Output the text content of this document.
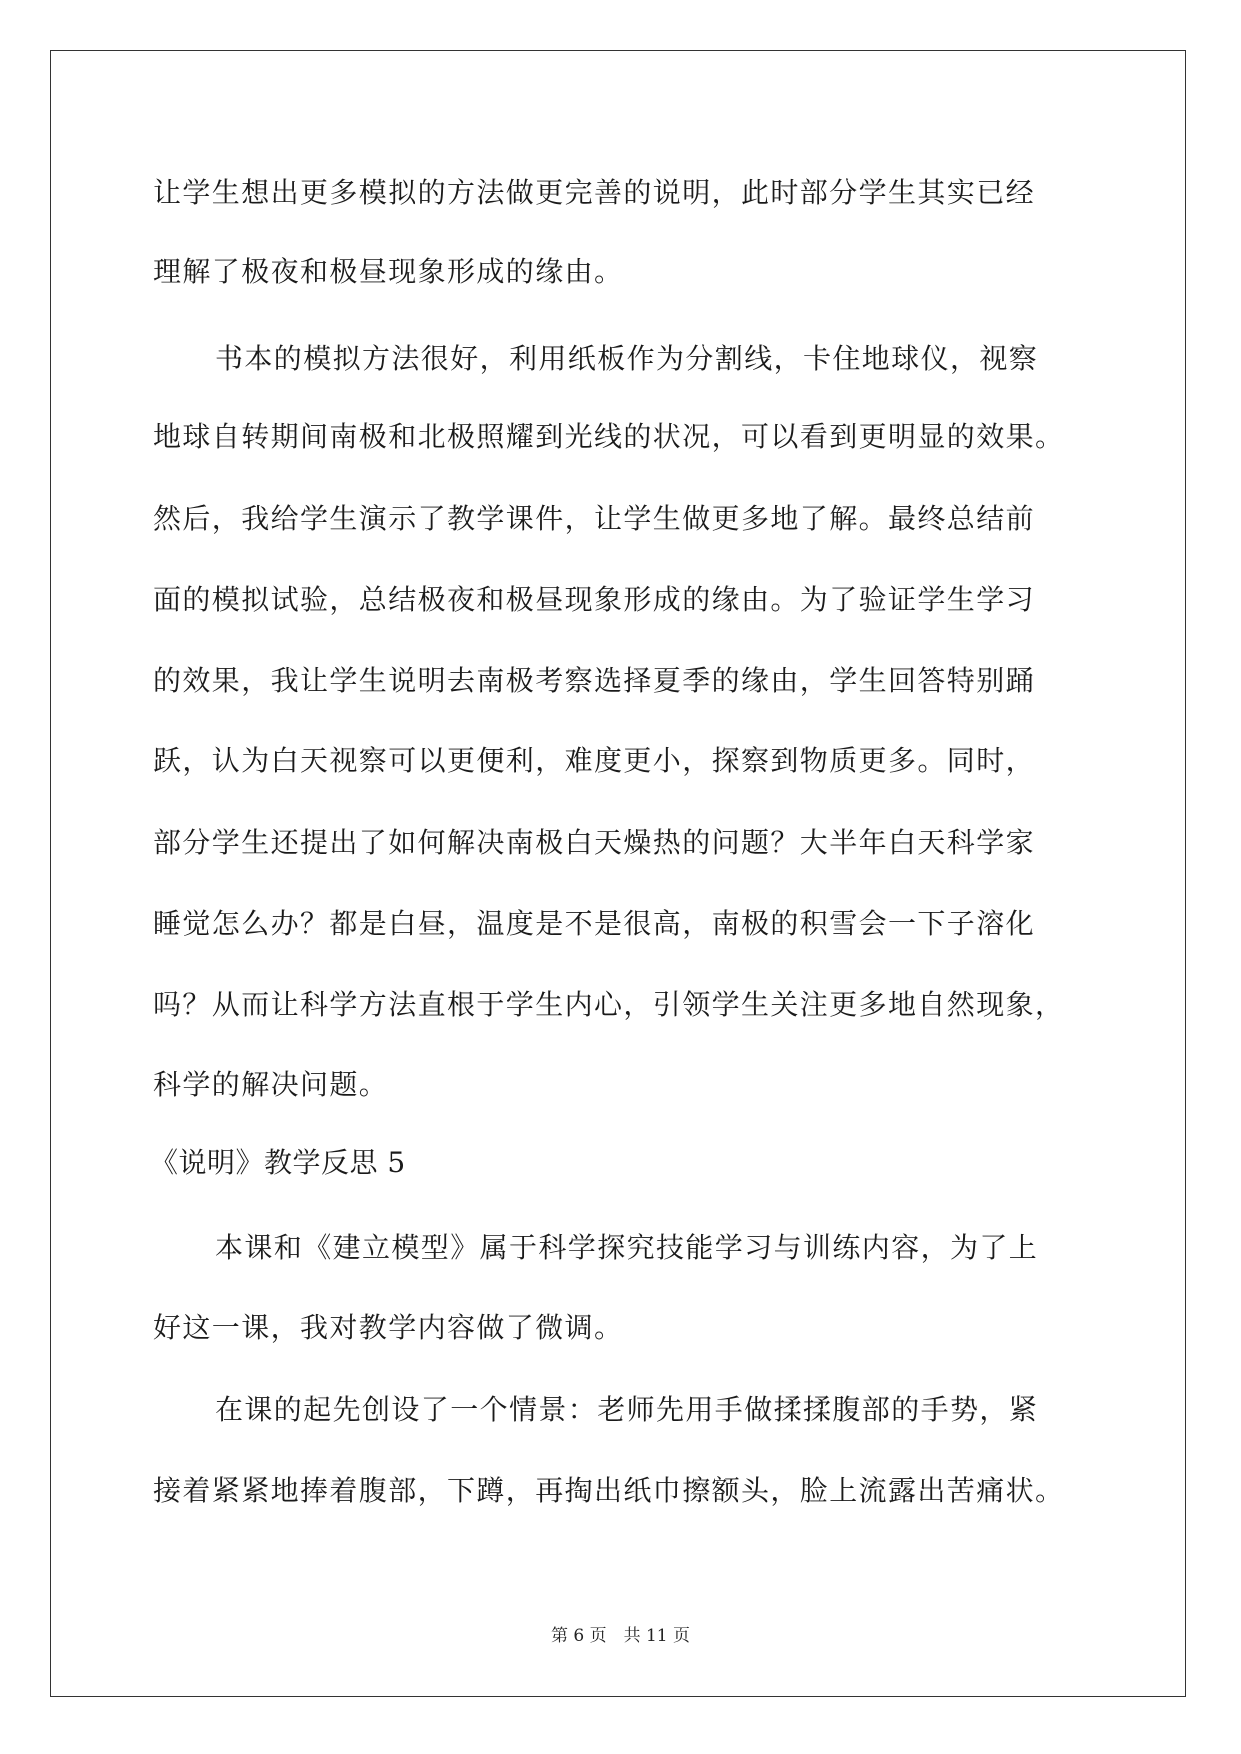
让学生想出更多模拟的方法做更完善的说明，此时部分学生其实已经
理解了极夜和极昼现象形成的缘由。
书本的模拟方法很好，利用纸板作为分割线，卡住地球仪，视察
地球自转期间南极和北极照耀到光线的状况，可以看到更明显的效果。
然后，我给学生演示了教学课件，让学生做更多地了解。最终总结前
面的模拟试验，总结极夜和极昼现象形成的缘由。为了验证学生学习
的效果，我让学生说明去南极考察选择夏季的缘由，学生回答特别踊
跃，认为白天视察可以更便利，难度更小，探察到物质更多。同时，
部分学生还提出了如何解决南极白天燥热的问题？大半年白天科学家
睡觉怎么办？都是白昼，温度是不是很高，南极的积雪会一下子溶化
吗？从而让科学方法直根于学生内心，引领学生关注更多地自然现象，
科学的解决问题。
《说明》教学反思 5
本课和《建立模型》属于科学探究技能学习与训练内容，为了上
好这一课，我对教学内容做了微调。
在课的起先创设了一个情景：老师先用手做揉揉腹部的手势，紧
接着紧紧地捧着腹部，下蹲，再掏出纸巾擦额头，脸上流露出苦痛状。
第 6 页　共 11 页
